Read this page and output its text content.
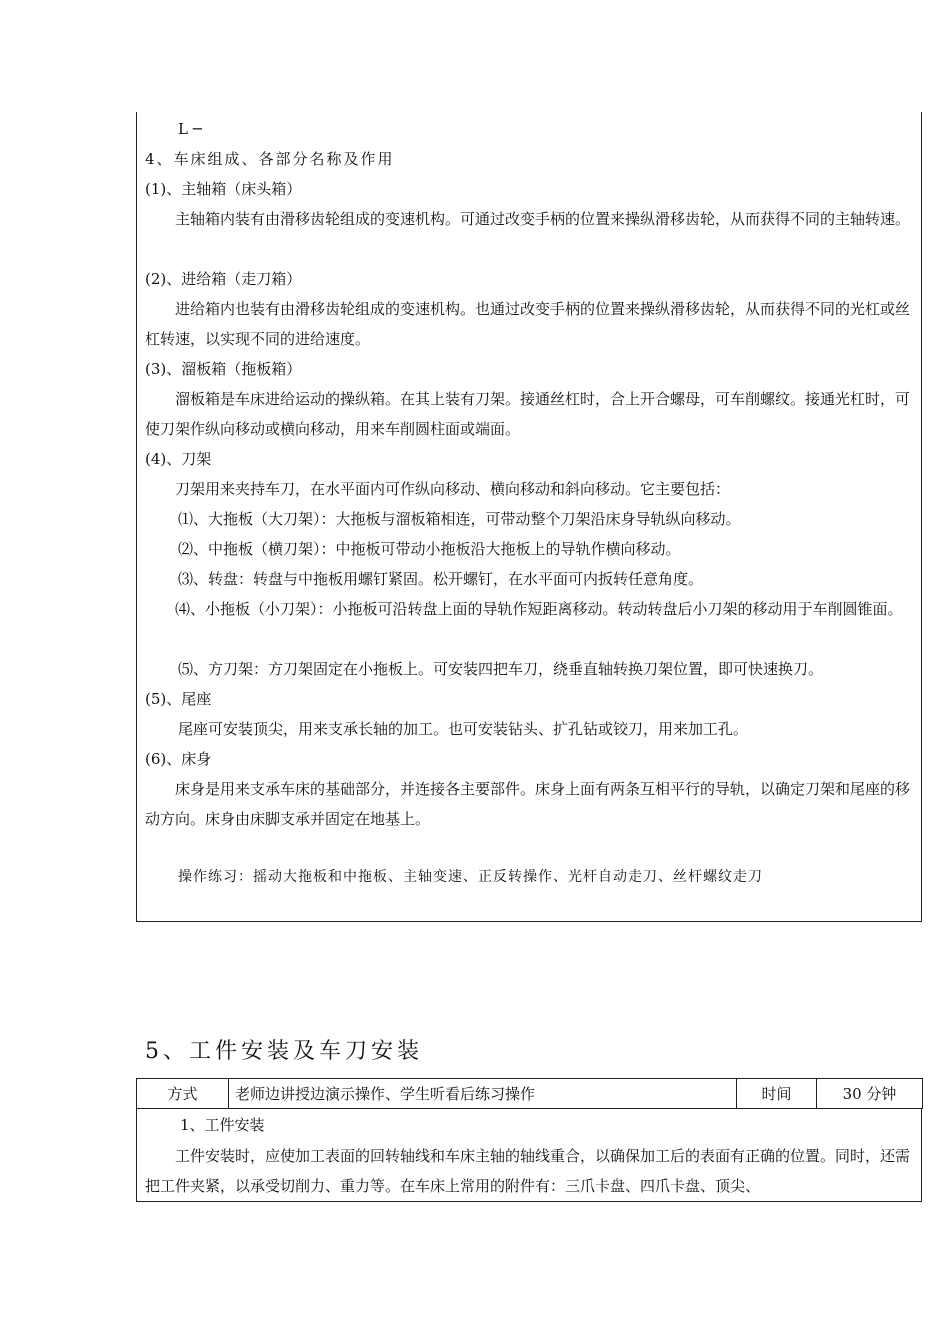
L ─
4、车床组成、各部分名称及作用
(1)、主轴箱（床头箱）
主轴箱内装有由滑移齿轮组成的变速机构。可通过改变手柄的位置来操纵滑移齿轮，从而获得不同的主轴转速。
(2)、进给箱（走刀箱）
进给箱内也装有由滑移齿轮组成的变速机构。也通过改变手柄的位置来操纵滑移齿轮，从而获得不同的光杠或丝杠转速，以实现不同的进给速度。
(3)、溜板箱（拖板箱）
溜板箱是车床进给运动的操纵箱。在其上装有刀架。接通丝杠时，合上开合螺母，可车削螺纹。接通光杠时，可使刀架作纵向移动或横向移动，用来车削圆柱面或端面。
(4)、刀架
刀架用来夹持车刀，在水平面内可作纵向移动、横向移动和斜向移动。它主要包括：
⑴、大拖板（大刀架）：大拖板与溜板箱相连，可带动整个刀架沿床身导轨纵向移动。
⑵、中拖板（横刀架）：中拖板可带动小拖板沿大拖板上的导轨作横向移动。
⑶、转盘：转盘与中拖板用螺钉紧固。松开螺钉，在水平面可内扳转任意角度。
⑷、小拖板（小刀架）：小拖板可沿转盘上面的导轨作短距离移动。转动转盘后小刀架的移动用于车削圆锥面。
⑸、方刀架：方刀架固定在小拖板上。可安装四把车刀，绕垂直轴转换刀架位置，即可快速换刀。
(5)、尾座
尾座可安装顶尖，用来支承长轴的加工。也可安装钻头、扩孔钻或铰刀，用来加工孔。
(6)、床身
床身是用来支承车床的基础部分，并连接各主要部件。床身上面有两条互相平行的导轨，以确定刀架和尾座的移动方向。床身由床脚支承并固定在地基上。
操作练习：摇动大拖板和中拖板、主轴变速、正反转操作、光杆自动走刀、丝杆螺纹走刀
5、工件安装及车刀安装
方式	老师边讲授边演示操作、学生听看后练习操作	时间	30 分钟
1、工件安装
工件安装时，应使加工表面的回转轴线和车床主轴的轴线重合，以确保加工后的表面有正确的位置。同时，还需把工件夹紧，以承受切削力、重力等。在车床上常用的附件有：三爪卡盘、四爪卡盘、顶尖、
